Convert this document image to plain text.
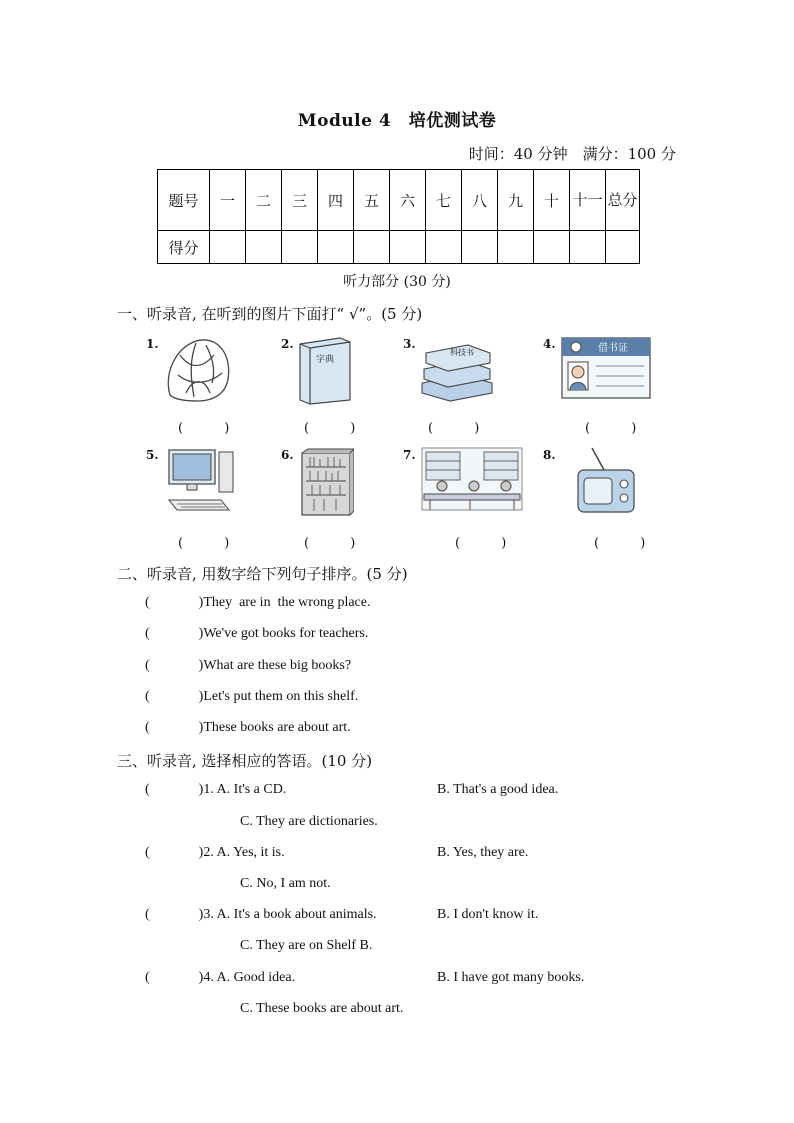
Module 4　培优测试卷
时间：40 分钟　满分：100 分
题号	一	二	三	四	五	六	七	八	九	十	十一	总分
得分												
听力部分 (30 分)
一、听录音, 在听到的图片下面打“ √”。(5 分)
1.
(　 )
2.
字典
(　 )
3.
科技书
(　 )
4.	借书证
(　 )
5.
(　 )
6.
(　 )
7.
(　 )
8.
(　 )
二、听录音, 用数字给下列句子排序。(5 分)
(              )They  are in  the wrong place.
(              )We've got books for teachers.
(              )What are these big books?
(              )Let's put them on this shelf.
(              )These books are about art.
三、听录音, 选择相应的答语。(10 分)
(              )1. A. It's a CD.	B. That's a good idea.
C. They are dictionaries.
(              )2. A. Yes, it is.	B. Yes, they are.
C. No, I am not.
(              )3. A. It's a book about animals.	B. I don't know it.
C. They are on Shelf B.
(              )4. A. Good idea.	B. I have got many books.
C. These books are about art.
